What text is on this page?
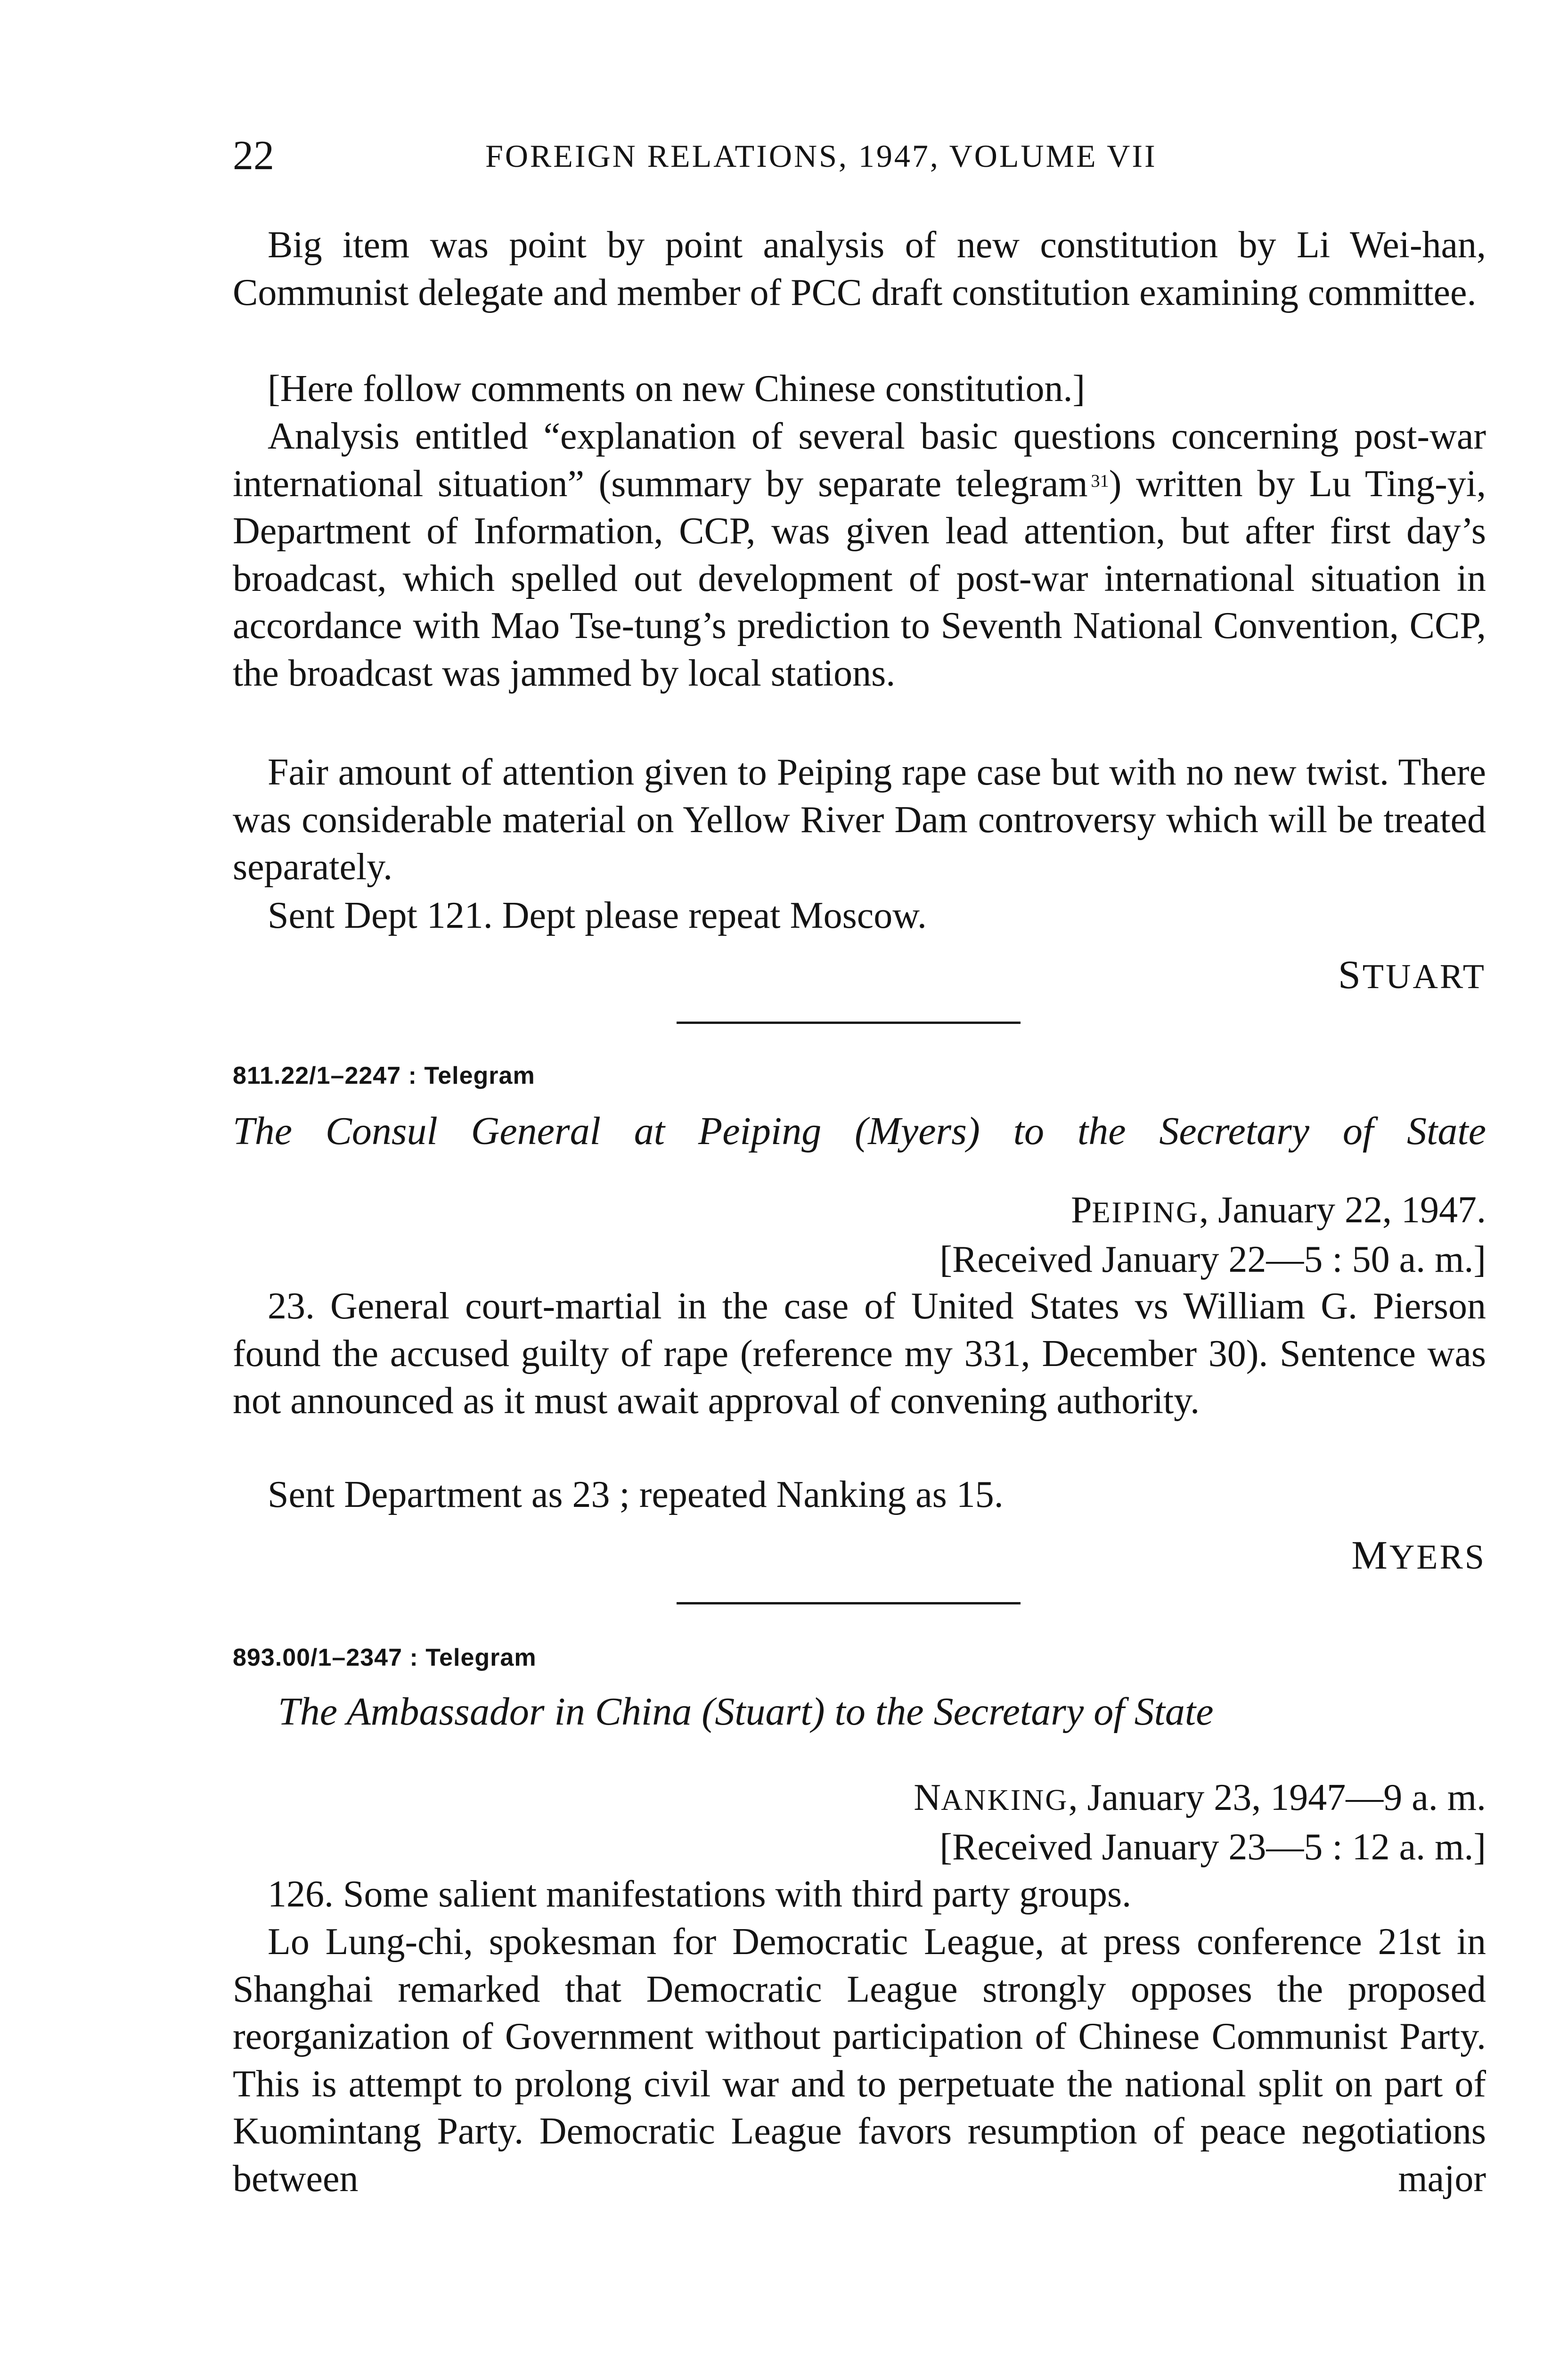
22	FOREIGN RELATIONS, 1947, VOLUME VII
Big item was point by point analysis of new constitution by Li Wei-han, Communist delegate and member of PCC draft constitution examining committee.
[Here follow comments on new Chinese constitution.]
Analysis entitled “explanation of several basic questions concerning post-war international situation” (summary by separate telegram  $^{31}$) written by Lu Ting-yi, Department of Information, CCP, was given lead attention, but after first day’s broadcast, which spelled out development of post-war international situation in accordance with Mao Tse-tung’s prediction to Seventh National Convention, CCP, the broadcast was jammed by local stations.
Fair amount of attention given to Peiping rape case but with no new twist. There was considerable material on Yellow River Dam controversy which will be treated separately.
Sent Dept 121. Dept please repeat Moscow.
STUART
811.22/1–2247 : Telegram
The Consul General at Peiping (Myers) to the Secretary of State
PEIPING, January 22, 1947.
[Received January 22—5 : 50 a. m.]
23. General court-martial in the case of United States vs William G. Pierson found the accused guilty of rape (reference my 331, December 30). Sentence was not announced as it must await approval of convening authority.
Sent Department as 23 ; repeated Nanking as 15.
MYERS
893.00/1–2347 : Telegram
The Ambassador in China (Stuart) to the Secretary of State
NANKING, January 23, 1947—9 a. m.
[Received January 23—5 : 12 a. m.]
126. Some salient manifestations with third party groups.
Lo Lung-chi, spokesman for Democratic League, at press conference 21st in Shanghai remarked that Democratic League strongly opposes the proposed reorganization of Government without participation of Chinese Communist Party. This is attempt to prolong civil war and to perpetuate the national split on part of Kuomintang Party. Democratic League favors resumption of peace negotiations between major
